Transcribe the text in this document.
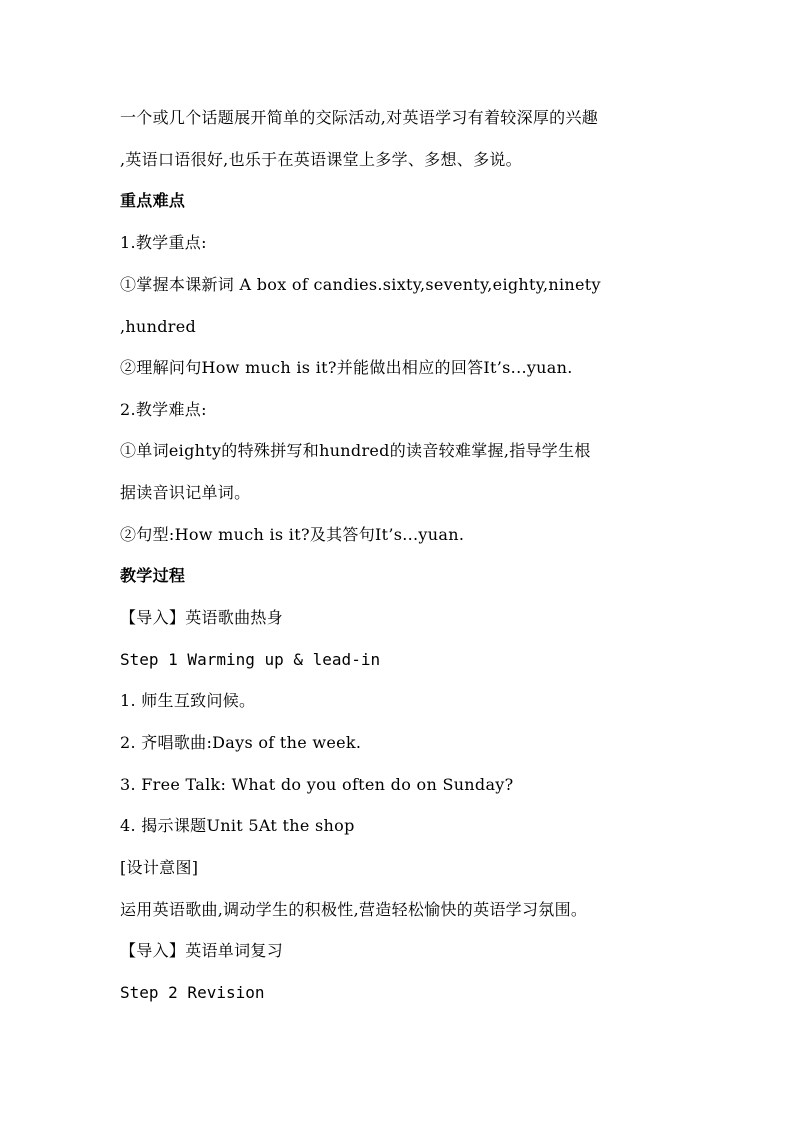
一个或几个话题展开简单的交际活动,对英语学习有着较深厚的兴趣
,英语口语很好,也乐于在英语课堂上多学、多想、多说。
重点难点
1.教学重点:
①掌握本课新词 A box of candies.sixty,seventy,eighty,ninety
,hundred
②理解问句How much is it?并能做出相应的回答It’s...yuan.
2.教学难点:
①单词eighty的特殊拼写和hundred的读音较难掌握,指导学生根
据读音识记单词。
②句型:How much is it?及其答句It’s...yuan.
教学过程
【导入】英语歌曲热身
Step 1 Warming up & lead-in
1. 师生互致问候。
2. 齐唱歌曲:Days of the week.
3. Free Talk: What do you often do on Sunday?
4. 揭示课题Unit 5At the shop
[设计意图]
运用英语歌曲,调动学生的积极性,营造轻松愉快的英语学习氛围。
【导入】英语单词复习
Step 2 Revision
